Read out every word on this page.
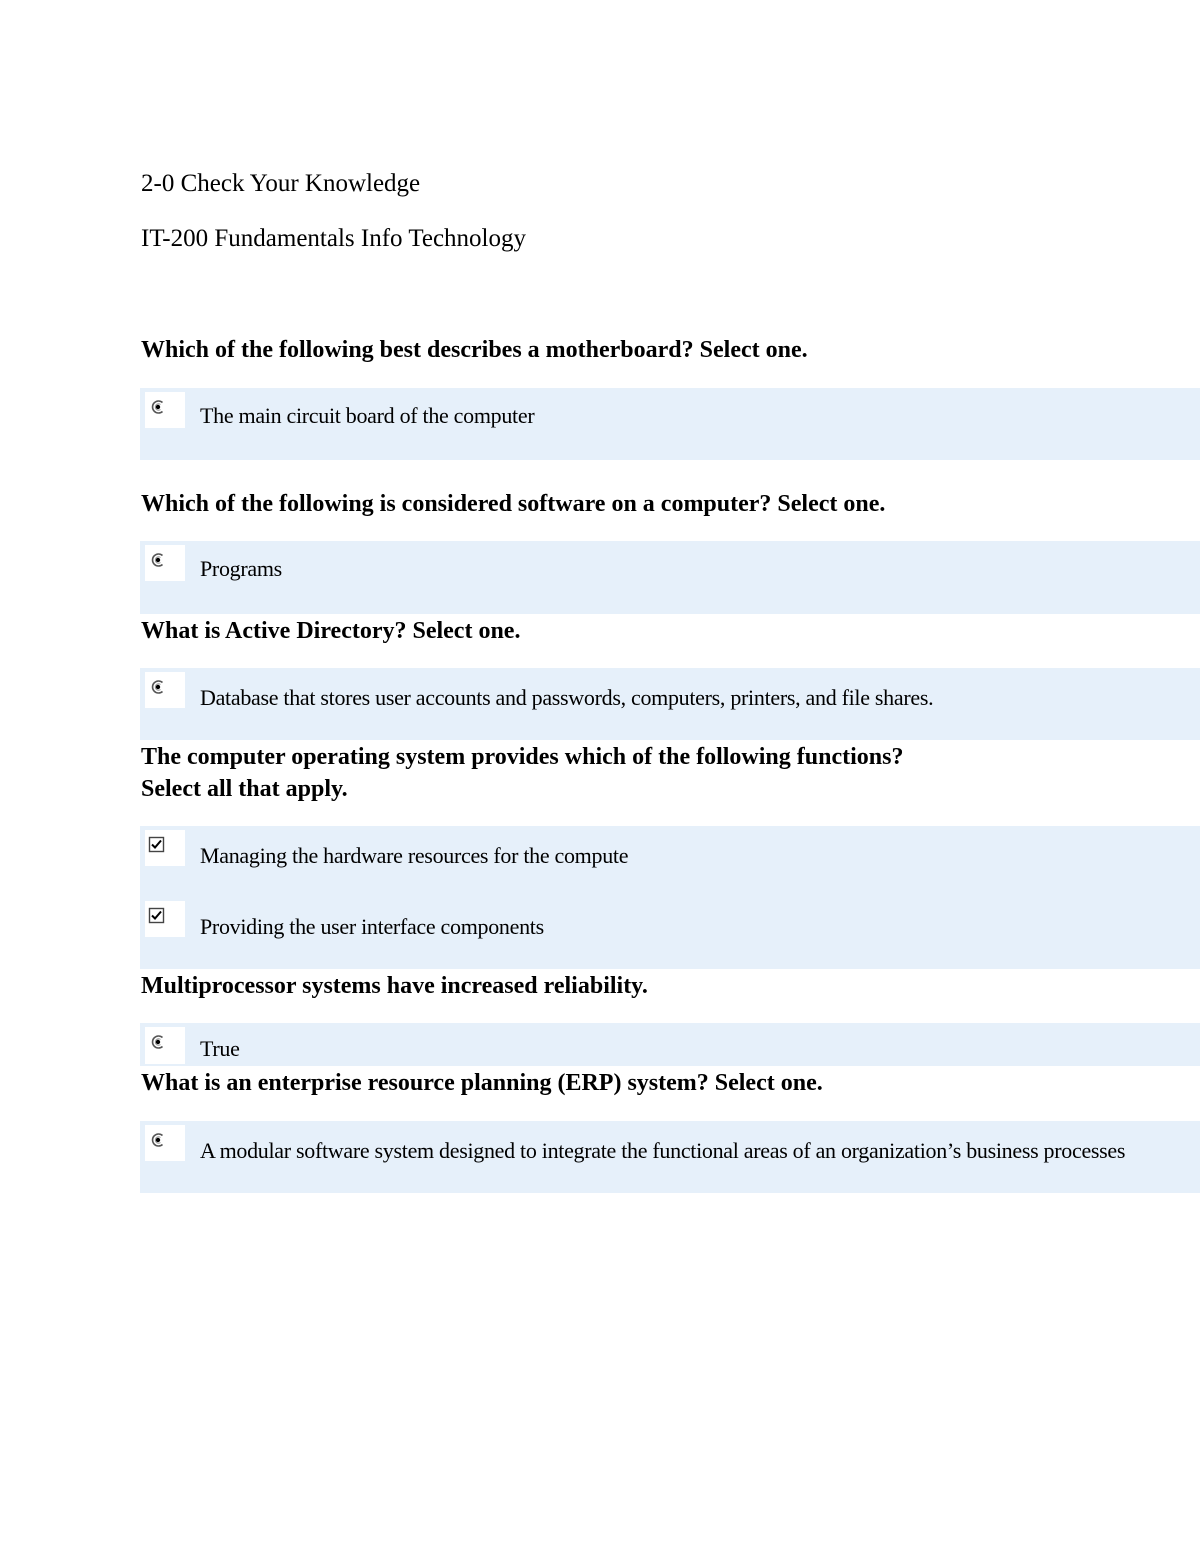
2-0 Check Your Knowledge
IT-200 Fundamentals Info Technology
Which of the following best describes a motherboard? Select one.
The main circuit board of the computer
Which of the following is considered software on a computer? Select one.
Programs
What is Active Directory? Select one.
Database that stores user accounts and passwords, computers, printers, and file shares.
The computer operating system provides which of the following functions?
Select all that apply.
Managing the hardware resources for the compute
Providing the user interface components
Multiprocessor systems have increased reliability.
True
What is an enterprise resource planning (ERP) system? Select one.
A modular software system designed to integrate the functional areas of an organization’s business processes
